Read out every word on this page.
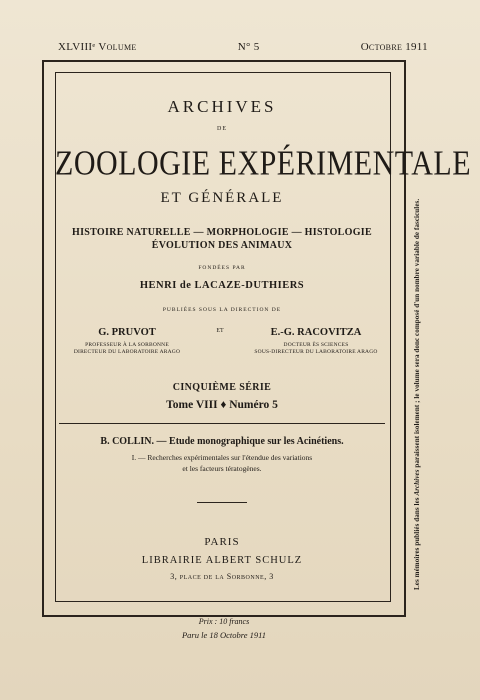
XLVIIIᵉ Volume	N° 5	Octobre 1911
ARCHIVES
DE
ZOOLOGIE EXPÉRIMENTALE
ET GÉNÉRALE
HISTOIRE NATURELLE — MORPHOLOGIE — HISTOLOGIE
ÉVOLUTION DES ANIMAUX
FONDÉES PAR
HENRI de LACAZE-DUTHIERS
PUBLIÉES SOUS LA DIRECTION DE
G. PRUVOT
PROFESSEUR À LA SORBONNE
DIRECTEUR DU LABORATOIRE ARAGO
E.-G. RACOVITZA
DOCTEUR ÈS SCIENCES
SOUS-DIRECTEUR DU LABORATOIRE ARAGO
ET
CINQUIÈME SÉRIE
Tome VIII ♦ Numéro 5
B. COLLIN. — Etude monographique sur les Acinétiens.
I. — Recherches expérimentales sur l'étendue des variations
et les facteurs tératogènes.
PARIS
LIBRAIRIE ALBERT SCHULZ
3, place de la Sorbonne, 3
Prix : 10 francs
Paru le 18 Octobre 1911
Les mémoires publiés dans les Archives paraissent isolement ; le volume sera donc composé d'un nombre variable de fascicules.
